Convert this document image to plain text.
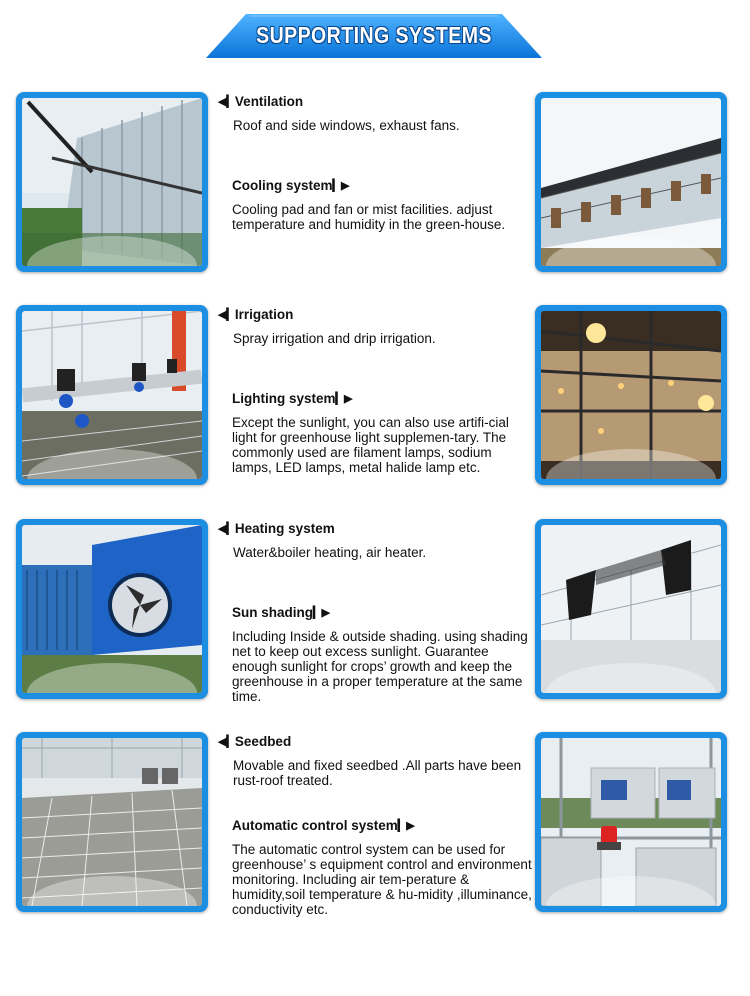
SUPPORTING SYSTEMS
◀▎Ventilation
Roof and side windows, exhaust fans.
Cooling system▎▶
Cooling pad and fan or mist facilities. adjust temperature and humidity in the green-house.
◀▎Irrigation
Spray irrigation and drip irrigation.
Lighting system▎▶
Except the sunlight, you can also use artifi-cial light for greenhouse light supplemen-tary. The commonly used are filament lamps, sodium lamps, LED lamps, metal halide lamp etc.
◀▎Heating system
Water&boiler heating, air heater.
Sun shading▎▶
Including Inside & outside shading. using shading net to keep out excess sunlight. Guarantee enough sunlight for crops’ growth and keep the greenhouse in a proper temperature at the same time.
◀▎Seedbed
Movable and fixed seedbed .All parts have been rust-roof treated.
Automatic control system▎▶
The automatic control system can be used for greenhouse’ s equipment control and environment monitoring. Including air tem-perature & humidity,soil temperature & hu-midity ,illuminance, conductivity etc.
